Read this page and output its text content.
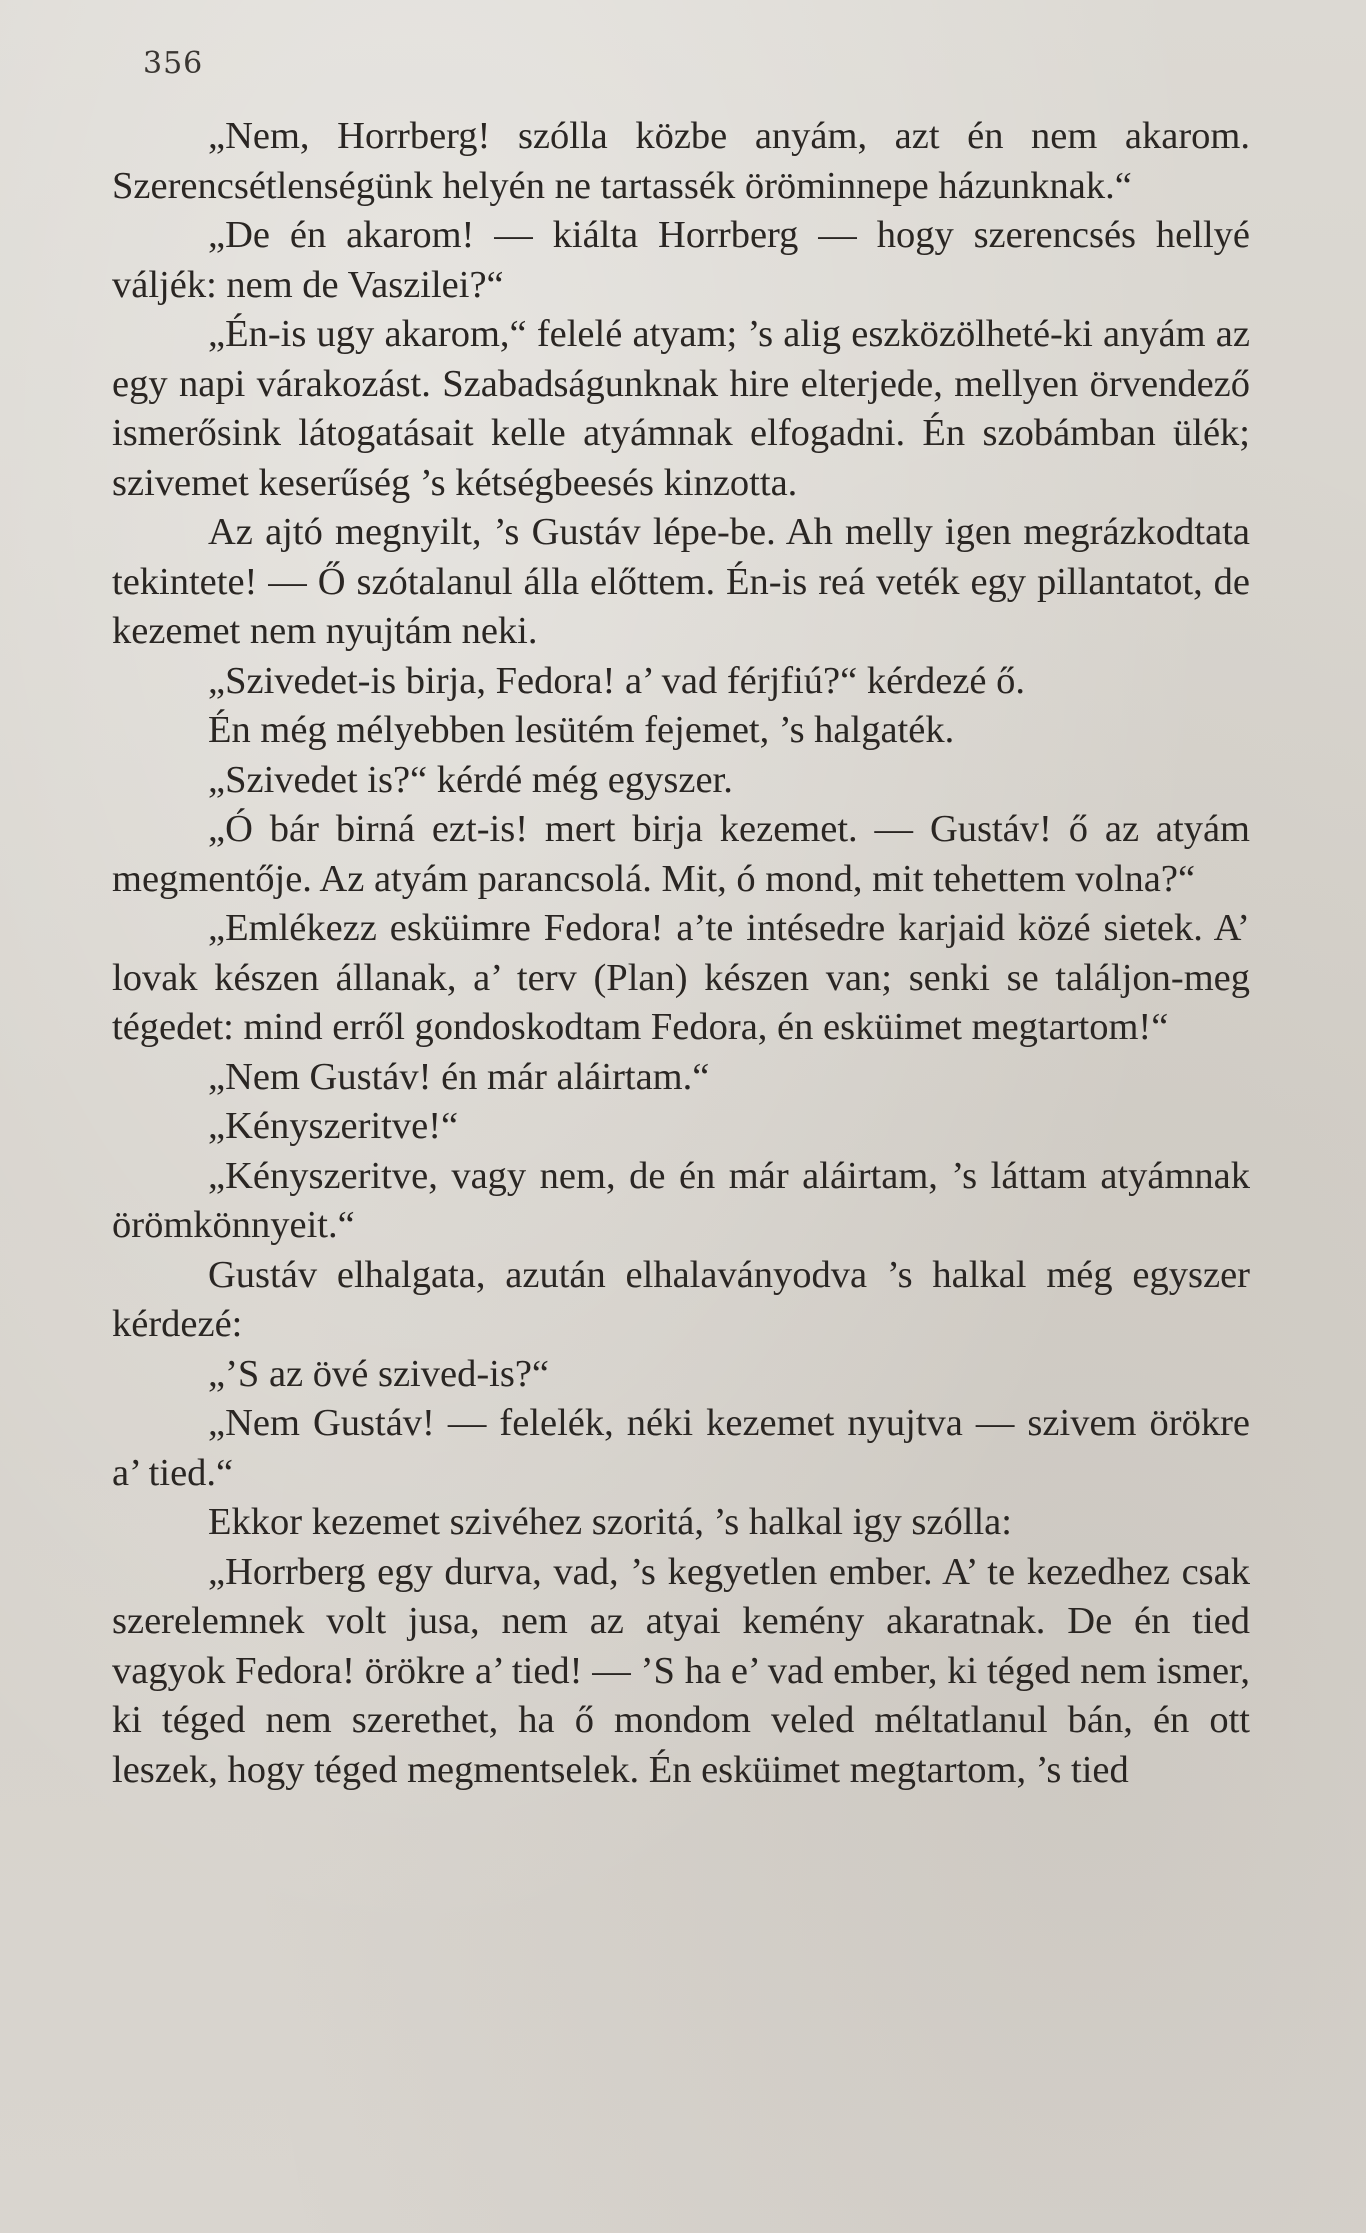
356

„Nem, Horrberg! szólla közbe anyám, azt én nem akarom. Szerencsétlenségünk helyén ne tartassék öröminnepe házunknak.“

„De én akarom! — kiálta Horrberg — hogy szerencsés hellyé váljék: nem de Vaszilei?“

„Én-is ugy akarom,“ felelé atyam; ’s alig eszközölheté-ki anyám az egy napi várakozást. Szabadságunknak hire elterjede, mellyen örvendező ismerősink látogatásait kelle atyámnak elfogadni. Én szobámban ülék; szivemet keserűség ’s kétségbeesés kinzotta.

Az ajtó megnyilt, ’s Gustáv lépe-be. Ah melly igen megrázkodtata tekintete! — Ő szótalanul álla előttem. Én-is reá veték egy pillantatot, de kezemet nem nyujtám neki.

„Szivedet-is birja, Fedora! a’ vad férjfiú?“ kérdezé ő.

Én még mélyebben lesütém fejemet, ’s halgaték.

„Szivedet is?“ kérdé még egyszer.

„Ó bár birná ezt-is! mert birja kezemet. — Gustáv! ő az atyám megmentője. Az atyám parancsolá. Mit, ó mond, mit tehettem volna?“

„Emlékezz esküimre Fedora! a’te intésedre karjaid közé sietek. A’ lovak készen állanak, a’ terv (Plan) készen van; senki se találjon-meg tégedet: mind erről gondoskodtam Fedora, én esküimet megtartom!“

„Nem Gustáv! én már aláirtam.“

„Kényszeritve!“

„Kényszeritve, vagy nem, de én már aláirtam, ’s láttam atyámnak örömkönnyeit.“

Gustáv elhalgata, azután elhalaványodva ’s halkal még egyszer kérdezé:

„’S az övé szived-is?“

„Nem Gustáv! — felelék, néki kezemet nyujtva — szivem örökre a’ tied.“

Ekkor kezemet szivéhez szoritá, ’s halkal igy szólla:

„Horrberg egy durva, vad, ’s kegyetlen ember. A’ te kezedhez csak szerelemnek volt jusa, nem az atyai kemény akaratnak. De én tied vagyok Fedora! örökre a’ tied! — ’S ha e’ vad ember, ki téged nem ismer, ki téged nem szerethet, ha ő mondom veled méltatlanul bán, én ott leszek, hogy téged megmentselek. Én esküimet megtartom, ’s tied
